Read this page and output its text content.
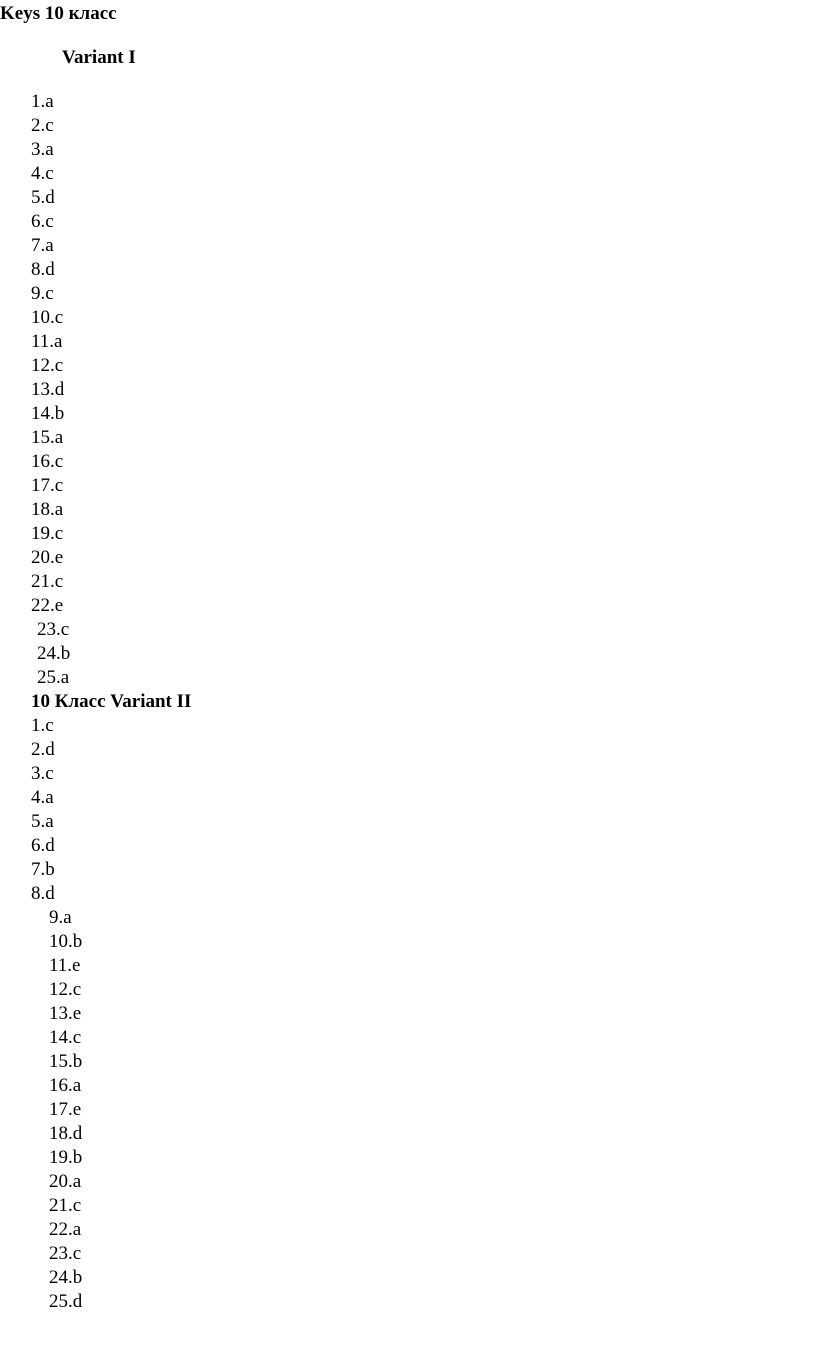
Keys 10 класс
Variant I
1.a
2.c
3.a
4.c
5.d
6.c
7.a
8.d
9.c
10.c
11.a
12.c
13.d
14.b
15.a
16.c
17.c
18.a
19.c
20.e
21.c
22.e
23.c
24.b
25.a
10 Класс Variant II
1.c
2.d
3.c
4.a
5.a
6.d
7.b
8.d
9.a
10.b
11.e
12.c
13.e
14.c
15.b
16.a
17.e
18.d
19.b
20.a
21.c
22.a
23.c
24.b
25.d
